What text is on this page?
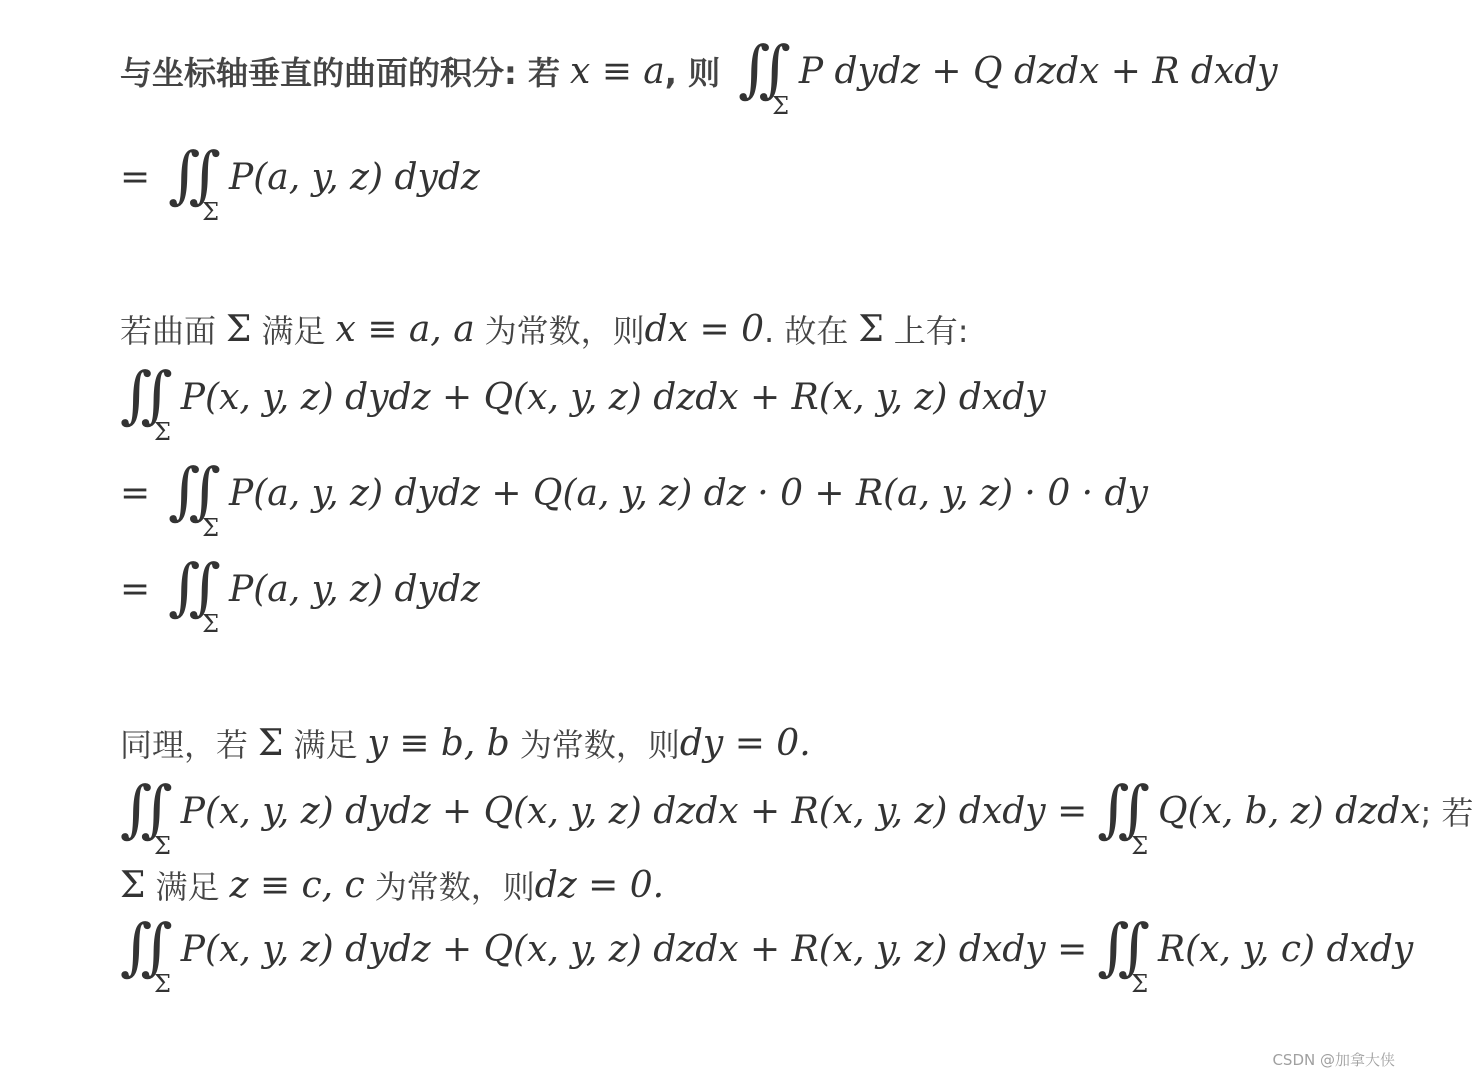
与坐标轴垂直的曲面的积分: 若 x ≡ a , 则 ∬
Σ
P dydz + Q dzdx + R dxdy
= ∬
Σ
P(a, y, z) dydz
若曲面 Σ 满足 x ≡ a, a 为常数，则 dx = 0 . 故在 Σ 上有:
∬
Σ
P(x, y, z) dydz + Q(x, y, z) dzdx + R(x, y, z) dxdy
= ∬
Σ
P(a, y, z) dydz + Q(a, y, z) dz · 0 + R(a, y, z) · 0 · dy
= ∬
Σ
P(a, y, z) dydz
同理，若 Σ 满足 y ≡ b, b 为常数，则 dy = 0.
∬
Σ
P(x, y, z) dydz + Q(x, y, z) dzdx + R(x, y, z) dxdy = ∬
Σ
Q(x, b, z) dzdx ; 若
Σ 满足 z ≡ c, c 为常数，则 dz = 0.
∬
Σ
P(x, y, z) dydz + Q(x, y, z) dzdx + R(x, y, z) dxdy = ∬
Σ
R(x, y, c) dxdy
CSDN @加拿大侠
